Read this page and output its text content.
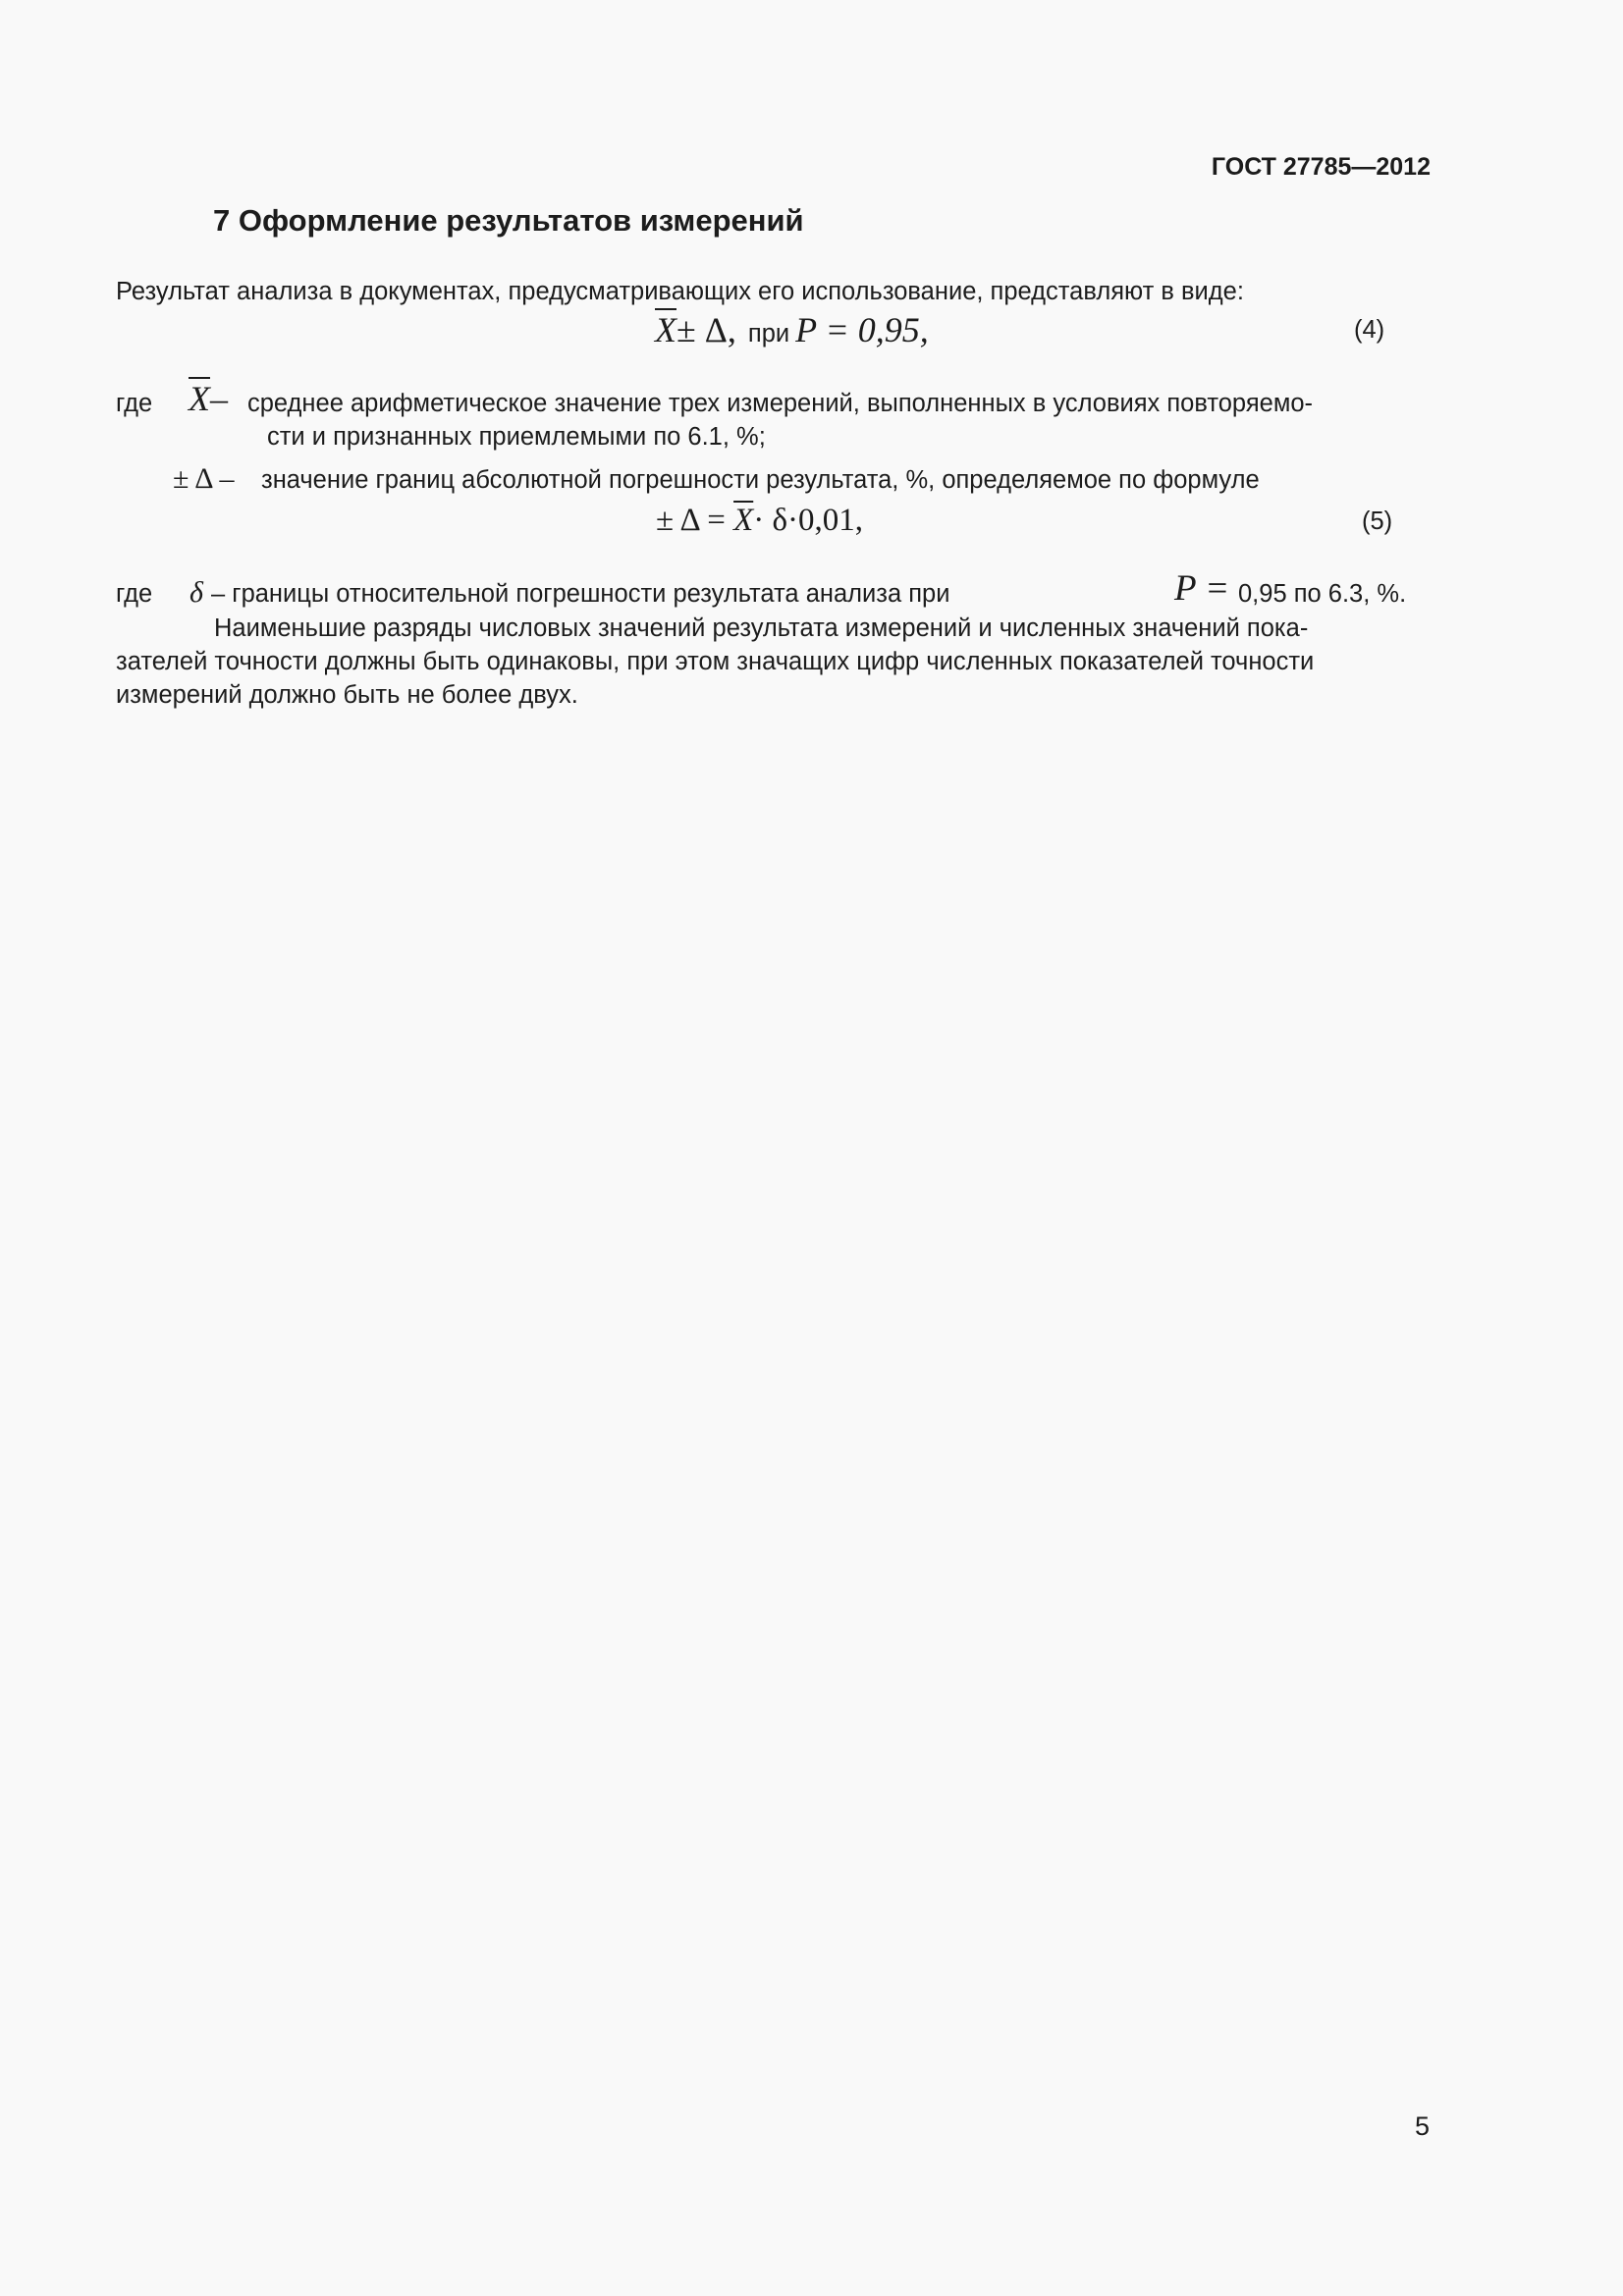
ГОСТ 27785—2012
7 Оформление результатов измерений
Результат анализа в документах, предусматривающих его использование, представляют в виде:
$\overline{X}\pm \Delta$, при P = 0,95,	(4)
где $\overline{X}-$ среднее арифметическое значение трех измерений, выполненных в условиях повторяемо-
сти и признанных приемлемыми по 6.1, %;
± Δ – значение границ абсолютной погрешности результата, %, определяемое по формуле
± $\Delta = \overline{X}\cdot \delta\cdot 0,01$,	(5)
где δ – границы относительной погрешности результата анализа при	P = 0,95 по 6.3, %.

Наименьшие разряды числовых значений результата измерений и численных значений пока-

зателей точности должны быть одинаковы, при этом значащих цифр численных показателей точности

измерений должно быть не более двух.

5
